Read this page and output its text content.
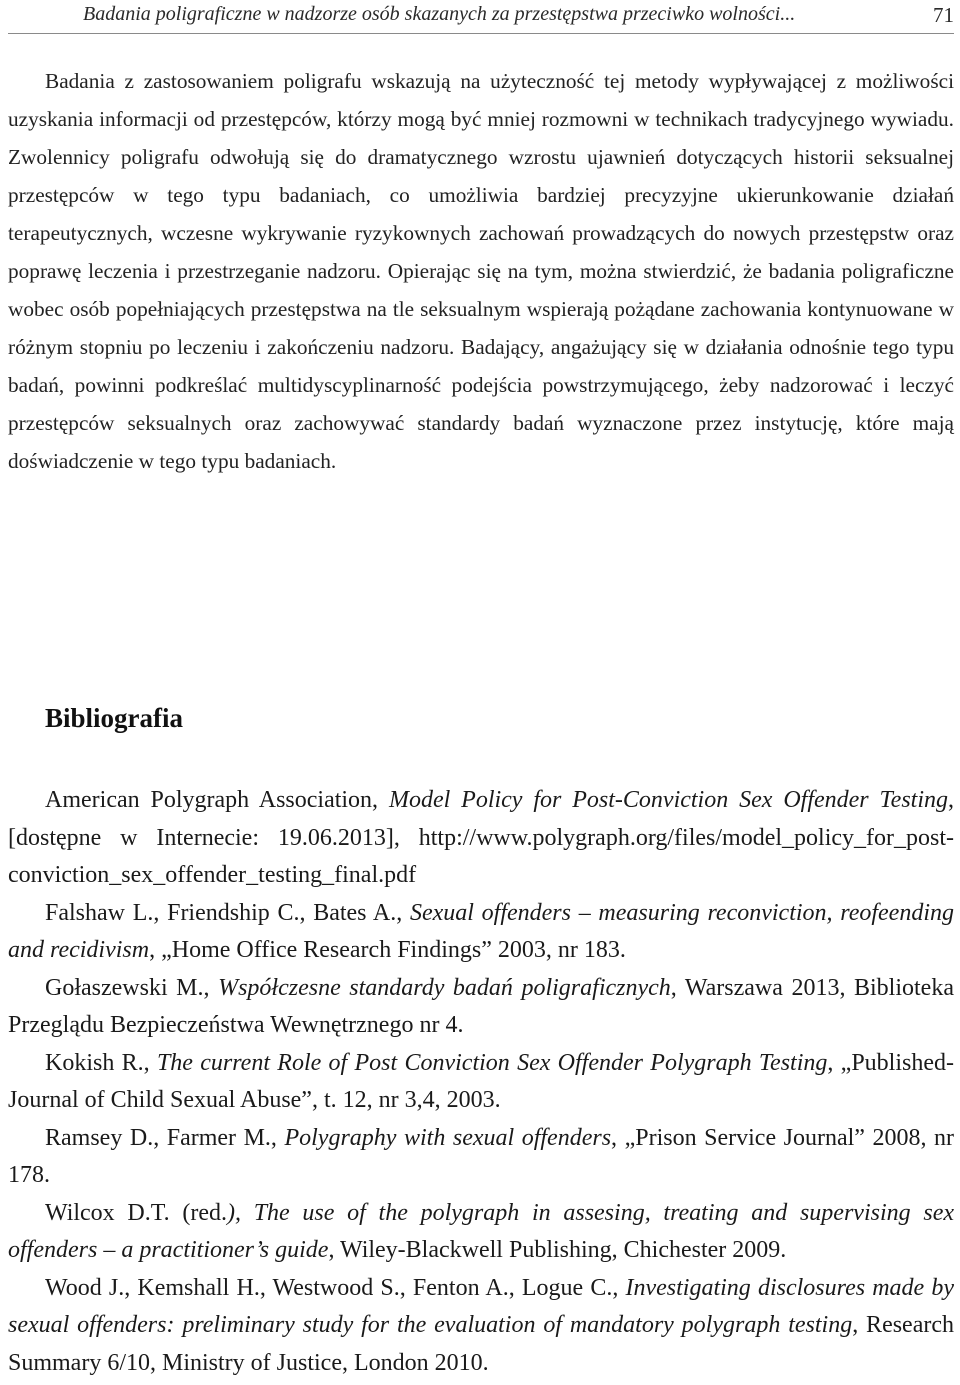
Badania poligraficzne w nadzorze osób skazanych za przestępstwa przeciwko wolności...	71

Badania z zastosowaniem poligrafu wskazują na użyteczność tej metody wypływającej z możliwości uzyskania informacji od przestępców, którzy mogą być mniej rozmowni w technikach tradycyjnego wywiadu. Zwolennicy poligrafu odwołują się do dramatycznego wzrostu ujawnień dotyczących historii seksualnej przestępców w tego typu badaniach, co umożliwia bardziej precyzyjne ukierunkowanie działań terapeutycznych, wczesne wykrywanie ryzykownych zachowań prowadzących do nowych przestępstw oraz poprawę leczenia i przestrzeganie nadzoru. Opierając się na tym, można stwierdzić, że badania poligraficzne wobec osób popełniających przestępstwa na tle seksualnym wspierają pożądane zachowania kontynuowane w różnym stopniu po leczeniu i zakończeniu nadzoru. Badający, angażujący się w działania odnośnie tego typu badań, powinni podkreślać multidyscyplinarność podejścia powstrzymującego, żeby nadzorować i leczyć przestępców seksualnych oraz zachowywać standardy badań wyznaczone przez instytucję, które mają doświadczenie w tego typu badaniach.

Bibliografia
American Polygraph Association, Model Policy for Post-Conviction Sex Offender Testing, [dostępne w Internecie: 19.06.2013], http://www.polygraph.org/files/model_policy_for_post-conviction_sex_offender_testing_final.pdf
Falshaw L., Friendship C., Bates A., Sexual offenders – measuring reconviction, reofeending and recidivism, „Home Office Research Findings” 2003, nr 183.
Gołaszewski M., Współczesne standardy badań poligraficznych, Warszawa 2013, Biblioteka Przeglądu Bezpieczeństwa Wewnętrznego nr 4.
Kokish R., The current Role of Post Conviction Sex Offender Polygraph Testing, „Published-Journal of Child Sexual Abuse”, t. 12, nr 3,4, 2003.
Ramsey D., Farmer M., Polygraphy with sexual offenders, „Prison Service Journal” 2008, nr 178.
Wilcox D.T. (red.), The use of the polygraph in assesing, treating and supervising sex offenders – a practitioner’s guide, Wiley-Blackwell Publishing, Chichester 2009.
Wood J., Kemshall H., Westwood S., Fenton A., Logue C., Investigating disclosures made by sexual offenders: preliminary study for the evaluation of mandatory polygraph testing, Research Summary 6/10, Ministry of Justice, London 2010.
